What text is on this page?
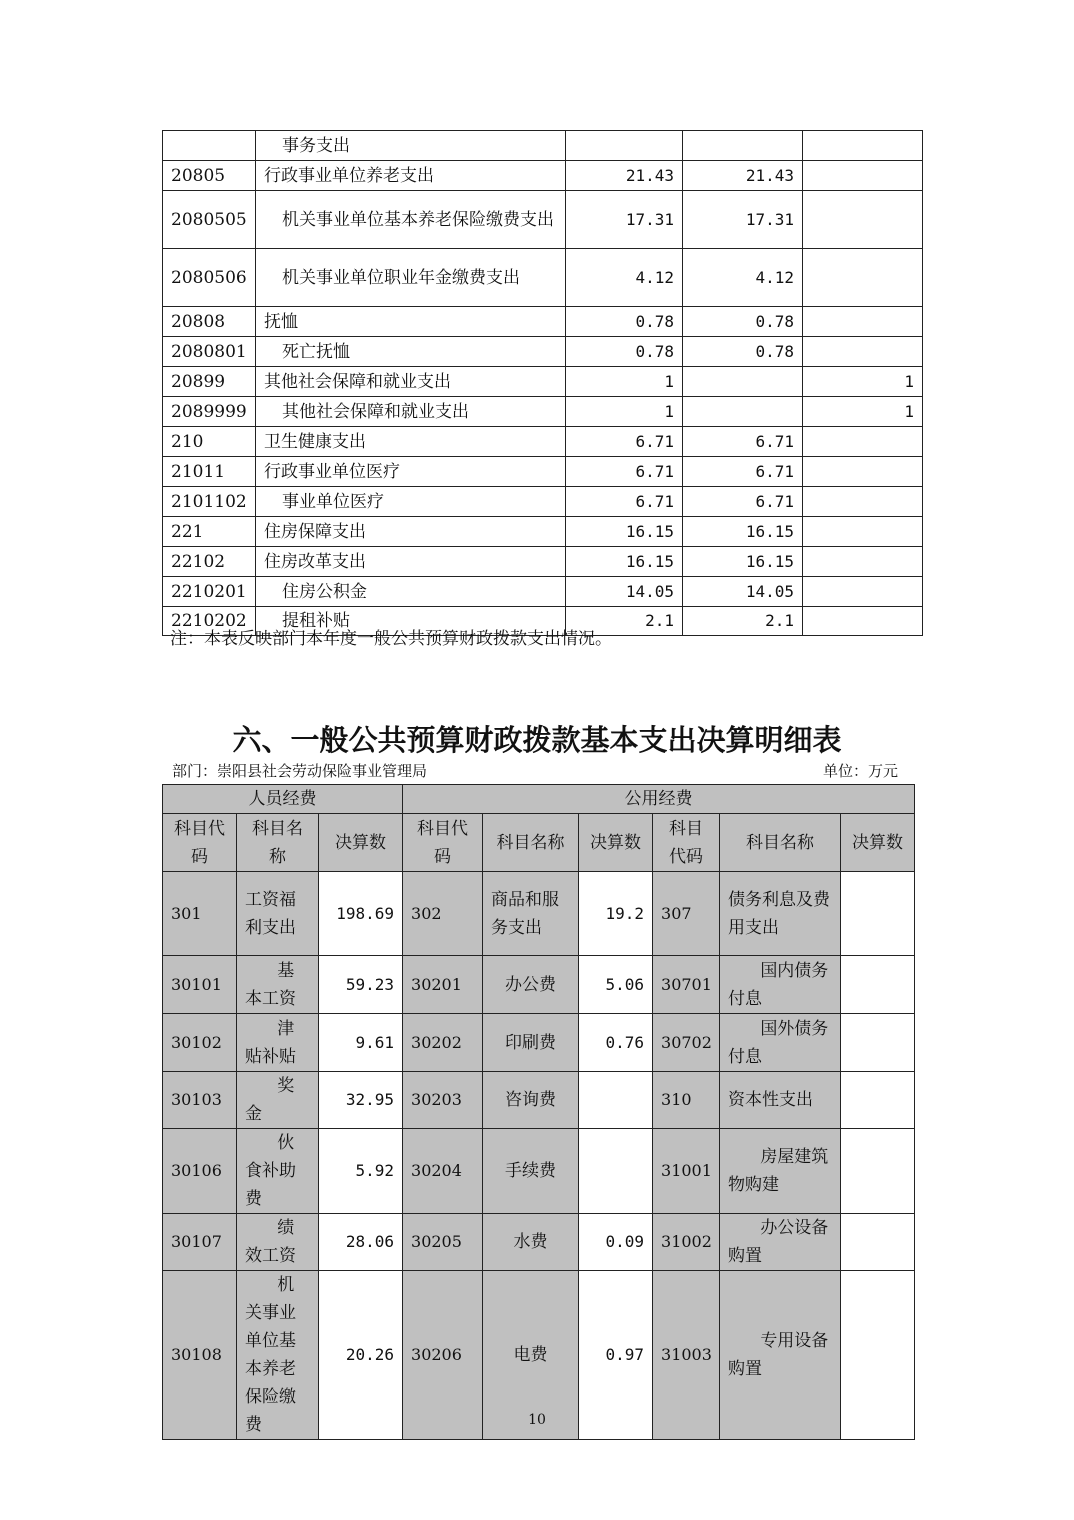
	事务支出			
20805	行政事业单位养老支出	21.43	21.43	
2080505	机关事业单位基本养老保险缴费支出	17.31	17.31	
2080506	机关事业单位职业年金缴费支出	4.12	4.12	
20808	抚恤	0.78	0.78	
2080801	死亡抚恤	0.78	0.78	
20899	其他社会保障和就业支出	1		1
2089999	其他社会保障和就业支出	1		1
210	卫生健康支出	6.71	6.71	
21011	行政事业单位医疗	6.71	6.71	
2101102	事业单位医疗	6.71	6.71	
221	住房保障支出	16.15	16.15	
22102	住房改革支出	16.15	16.15	
2210201	住房公积金	14.05	14.05	
2210202	提租补贴	2.1	2.1	
注：本表反映部门本年度一般公共预算财政拨款支出情况。
六、一般公共预算财政拨款基本支出决算明细表
部门：崇阳县社会劳动保险事业管理局	单位：万元
人员经费			公用经费					
科目代码	科目名称	决算数	科目代码	科目名称	决算数	科目代码	科目名称	决算数
301	工资福利支出	198.69	302	商品和服务支出	19.2	307	债务利息及费用支出	
30101	基本工资	59.23	30201	办公费	5.06	30701	国内债务付息	
30102	津贴补贴	9.61	30202	印刷费	0.76	30702	国外债务付息	
30103	奖金	32.95	30203	咨询费		310	资本性支出	
30106	伙食补助费	5.92	30204	手续费		31001	房屋建筑物购建	
30107	绩效工资	28.06	30205	水费	0.09	31002	办公设备购置	
30108	机关事业单位基本养老保险缴费	20.26	30206	电费	0.97	31003	专用设备购置	
10
